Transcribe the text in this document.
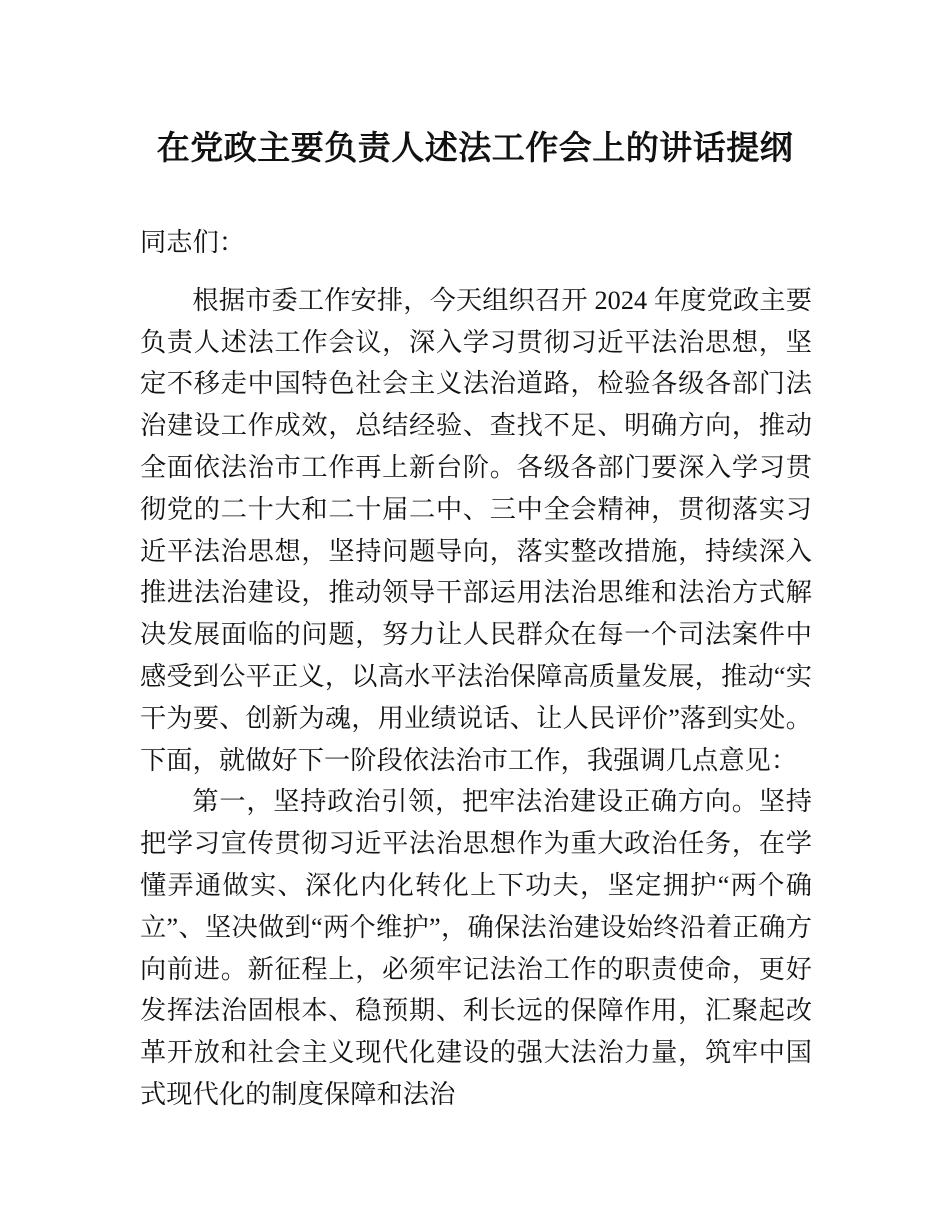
在党政主要负责人述法工作会上的讲话提纲

同志们：

根据市委工作安排，今天组织召开 2024 年度党政主要负责人述法工作会议，深入学习贯彻习近平法治思想，坚定不移走中国特色社会主义法治道路，检验各级各部门法治建设工作成效，总结经验、查找不足、明确方向，推动全面依法治市工作再上新台阶。各级各部门要深入学习贯彻党的二十大和二十届二中、三中全会精神，贯彻落实习近平法治思想，坚持问题导向，落实整改措施，持续深入推进法治建设，推动领导干部运用法治思维和法治方式解决发展面临的问题，努力让人民群众在每一个司法案件中感受到公平正义，以高水平法治保障高质量发展，推动“实干为要、创新为魂，用业绩说话、让人民评价”落到实处。下面，就做好下一阶段依法治市工作，我强调几点意见：

第一，坚持政治引领，把牢法治建设正确方向。坚持把学习宣传贯彻习近平法治思想作为重大政治任务，在学懂弄通做实、深化内化转化上下功夫，坚定拥护“两个确立”、坚决做到“两个维护”，确保法治建设始终沿着正确方向前进。新征程上，必须牢记法治工作的职责使命，更好发挥法治固根本、稳预期、利长远的保障作用，汇聚起改革开放和社会主义现代化建设的强大法治力量，筑牢中国式现代化的制度保障和法治
